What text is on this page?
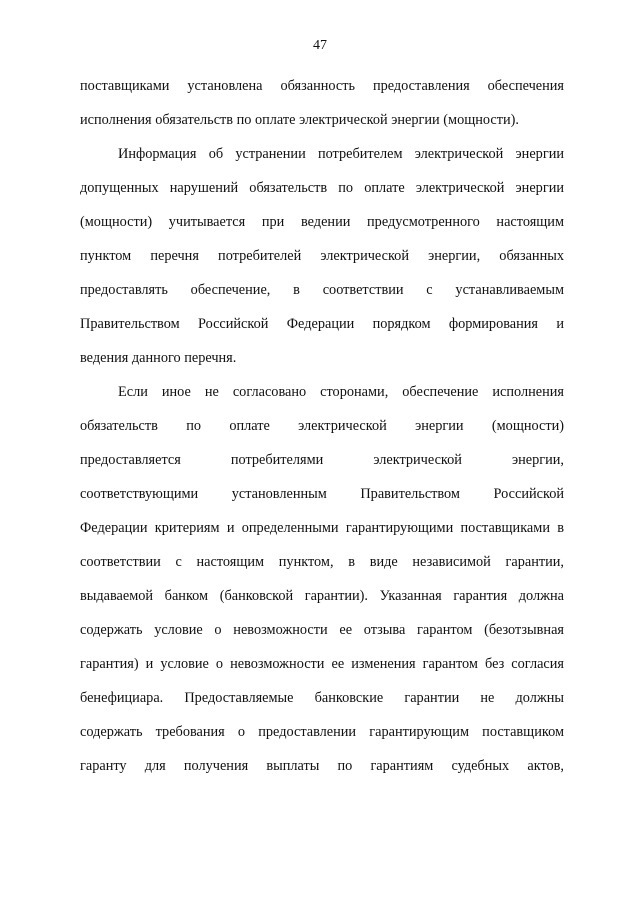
47
поставщиками установлена обязанность предоставления обеспечения
исполнения обязательств по оплате электрической энергии (мощности).
Информация об устранении потребителем электрической энергии
допущенных нарушений обязательств по оплате электрической энергии
(мощности) учитывается при ведении предусмотренного настоящим
пунктом перечня потребителей электрической энергии, обязанных
предоставлять обеспечение, в соответствии с устанавливаемым
Правительством Российской Федерации порядком формирования и
ведения данного перечня.
Если иное не согласовано сторонами, обеспечение исполнения
обязательств по оплате электрической энергии (мощности)
предоставляется потребителями электрической энергии,
соответствующими установленным Правительством Российской
Федерации критериям и определенными гарантирующими поставщиками в
соответствии с настоящим пунктом, в виде независимой гарантии,
выдаваемой банком (банковской гарантии). Указанная гарантия должна
содержать условие о невозможности ее отзыва гарантом (безотзывная
гарантия) и условие о невозможности ее изменения гарантом без согласия
бенефициара. Предоставляемые банковские гарантии не должны
содержать требования о предоставлении гарантирующим поставщиком
гаранту для получения выплаты по гарантиям судебных актов,
